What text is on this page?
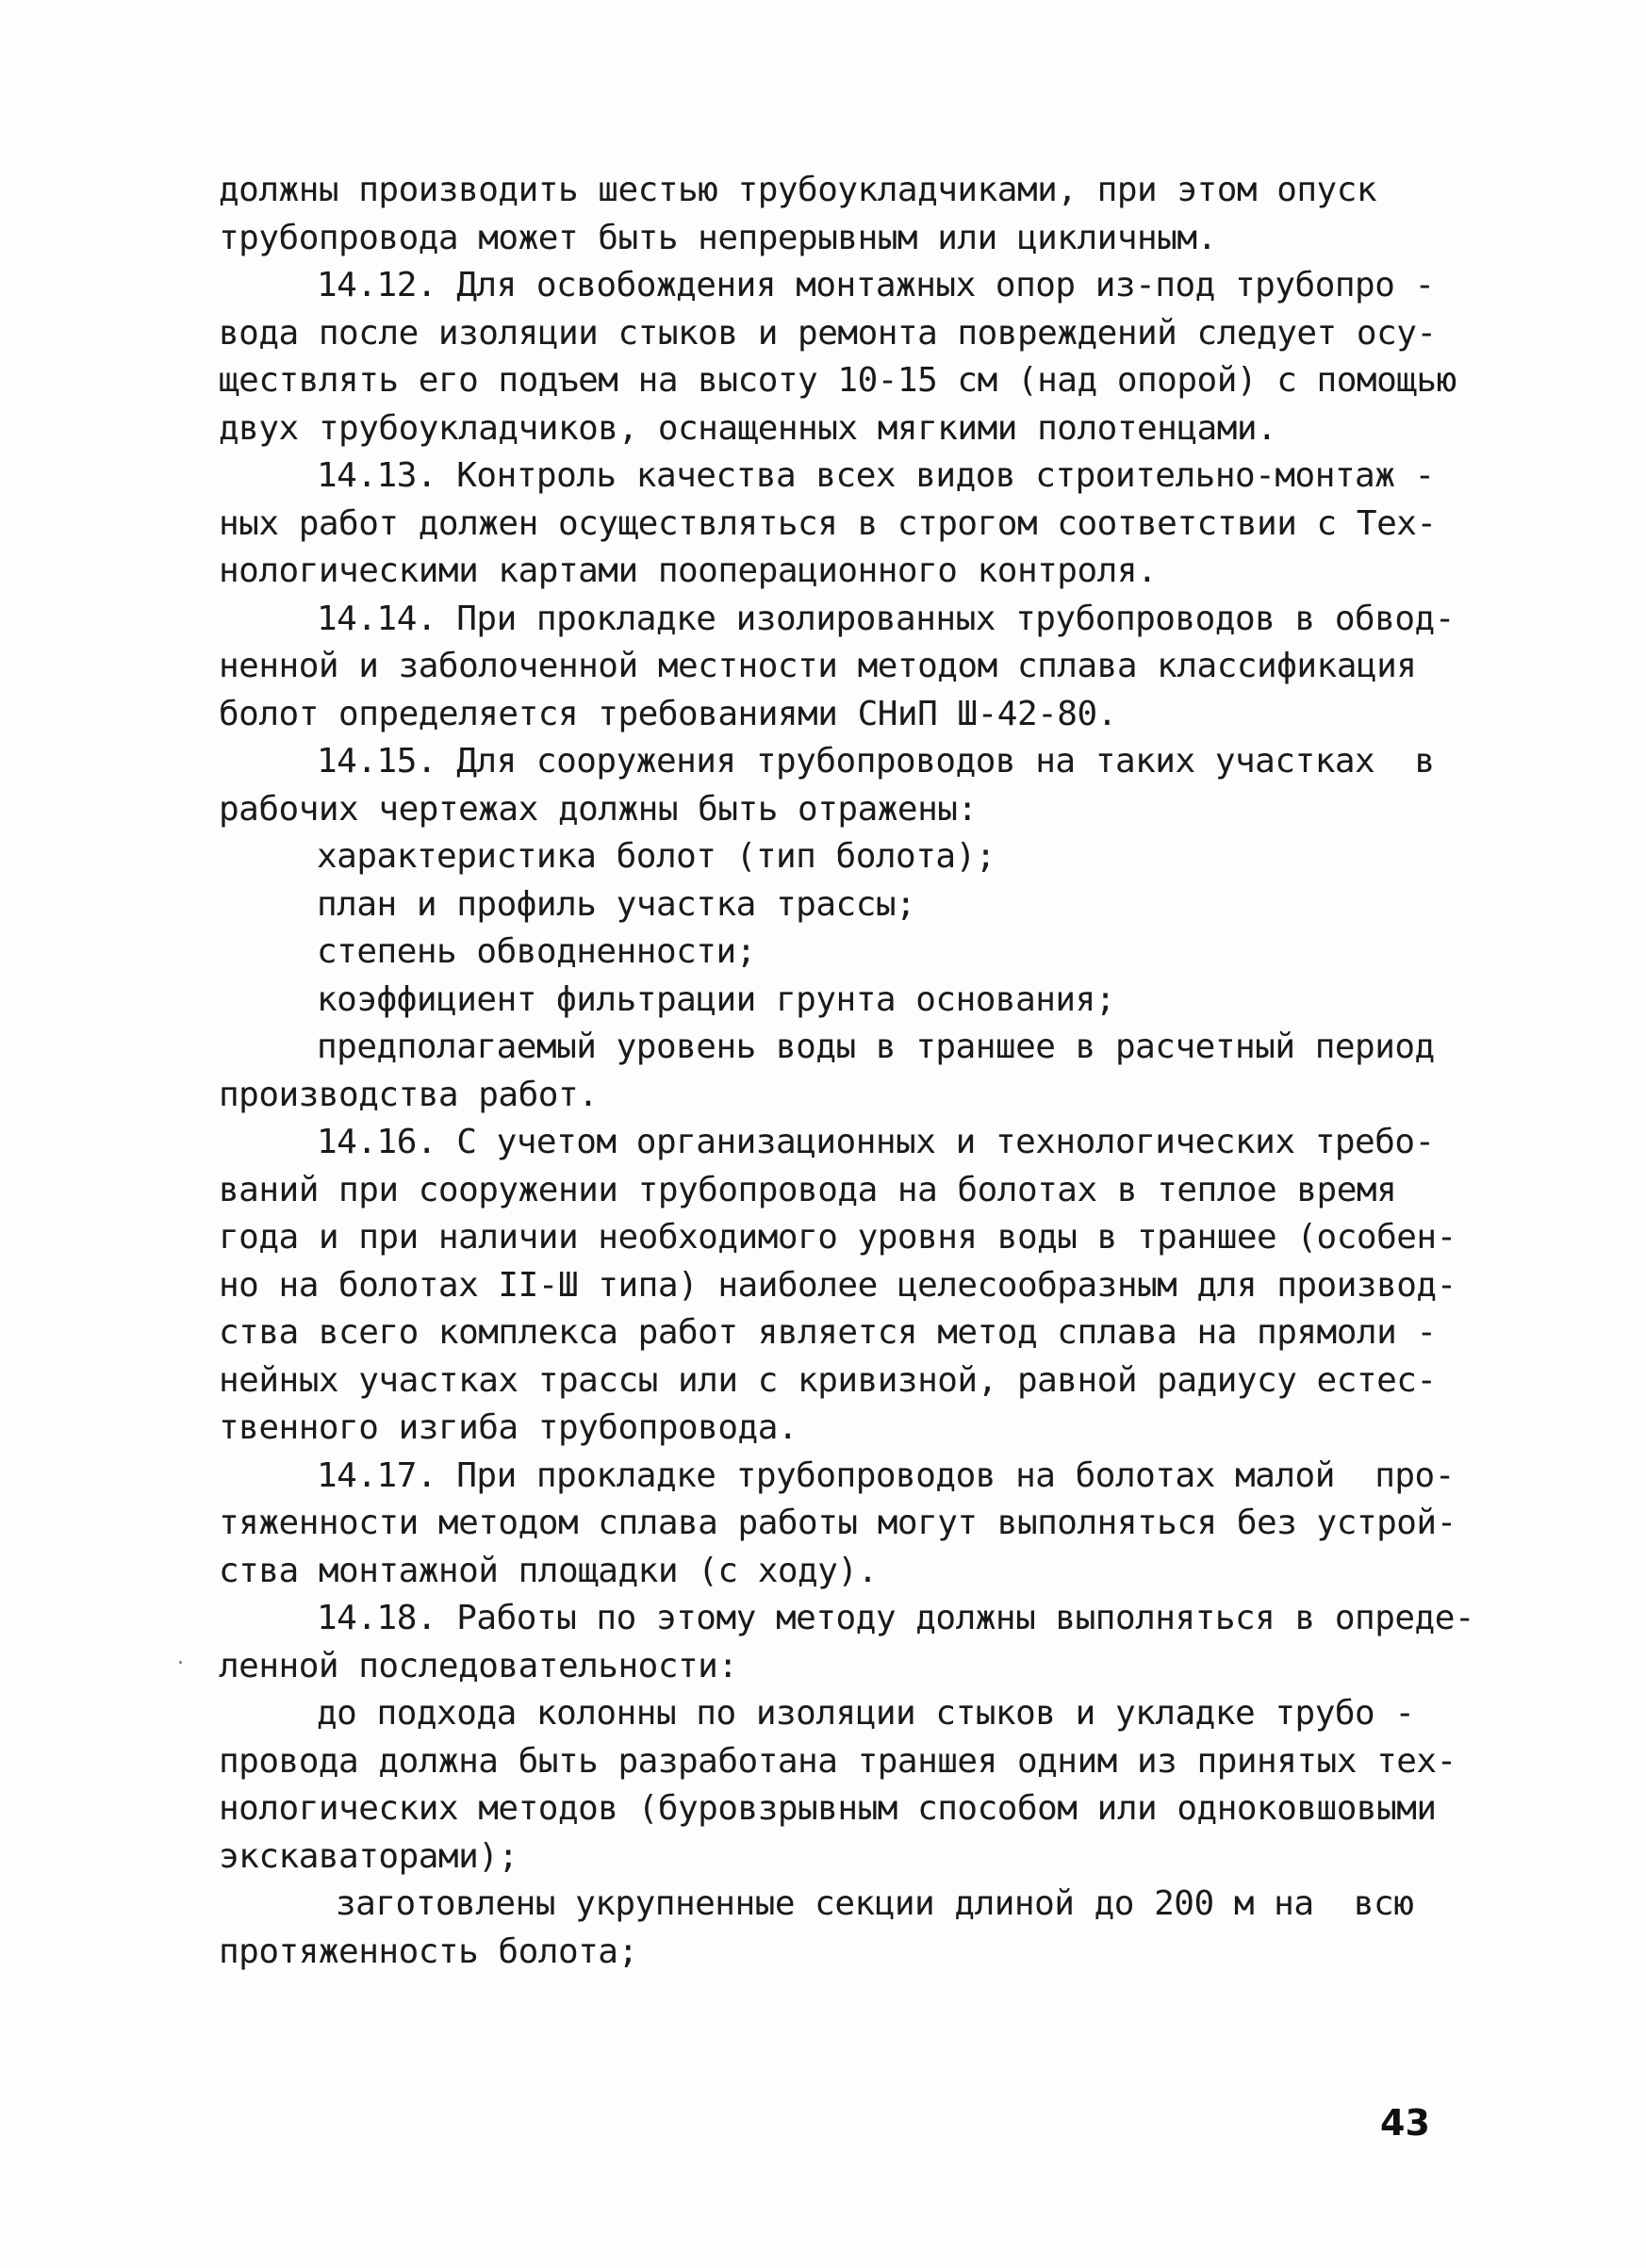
должны производить шестью трубоукладчиками, при этом опуск
трубопровода может быть непрерывным или цикличным.
14.12. Для освобождения монтажных опор из-под трубопро -
вода после изоляции стыков и ремонта повреждений следует осу-
ществлять его подъем на высоту 10-15 см (над опорой) с помощью
двух трубоукладчиков, оснащенных мягкими полотенцами.
14.13. Контроль качества всех видов строительно-монтаж -
ных работ должен осуществляться в строгом соответствии с Тех-
нологическими картами пооперационного контроля.
14.14. При прокладке изолированных трубопроводов в обвод-
ненной и заболоченной местности методом сплава классификация
болот определяется требованиями СНиП Ш-42-80.
14.15. Для сооружения трубопроводов на таких участках  в
рабочих чертежах должны быть отражены:
характеристика болот (тип болота);
план и профиль участка трассы;
степень обводненности;
коэффициент фильтрации грунта основания;
предполагаемый уровень воды в траншее в расчетный период
производства работ.
14.16. С учетом организационных и технологических требо-
ваний при сооружении трубопровода на болотах в теплое время
года и при наличии необходимого уровня воды в траншее (особен-
но на болотах II-Ш типа) наиболее целесообразным для производ-
ства всего комплекса работ является метод сплава на прямоли -
нейных участках трассы или с кривизной, равной радиусу естес-
твенного изгиба трубопровода.
14.17. При прокладке трубопроводов на болотах малой  про-
тяженности методом сплава работы могут выполняться без устрой-
ства монтажной площадки (с ходу).
14.18. Работы по этому методу должны выполняться в опреде-
ленной последовательности:
до подхода колонны по изоляции стыков и укладке трубо -
провода должна быть разработана траншея одним из принятых тех-
нологических методов (буровзрывным способом или одноковшовыми
экскаваторами);
заготовлены укрупненные секции длиной до 200 м на  всю
протяженность болота;
43
